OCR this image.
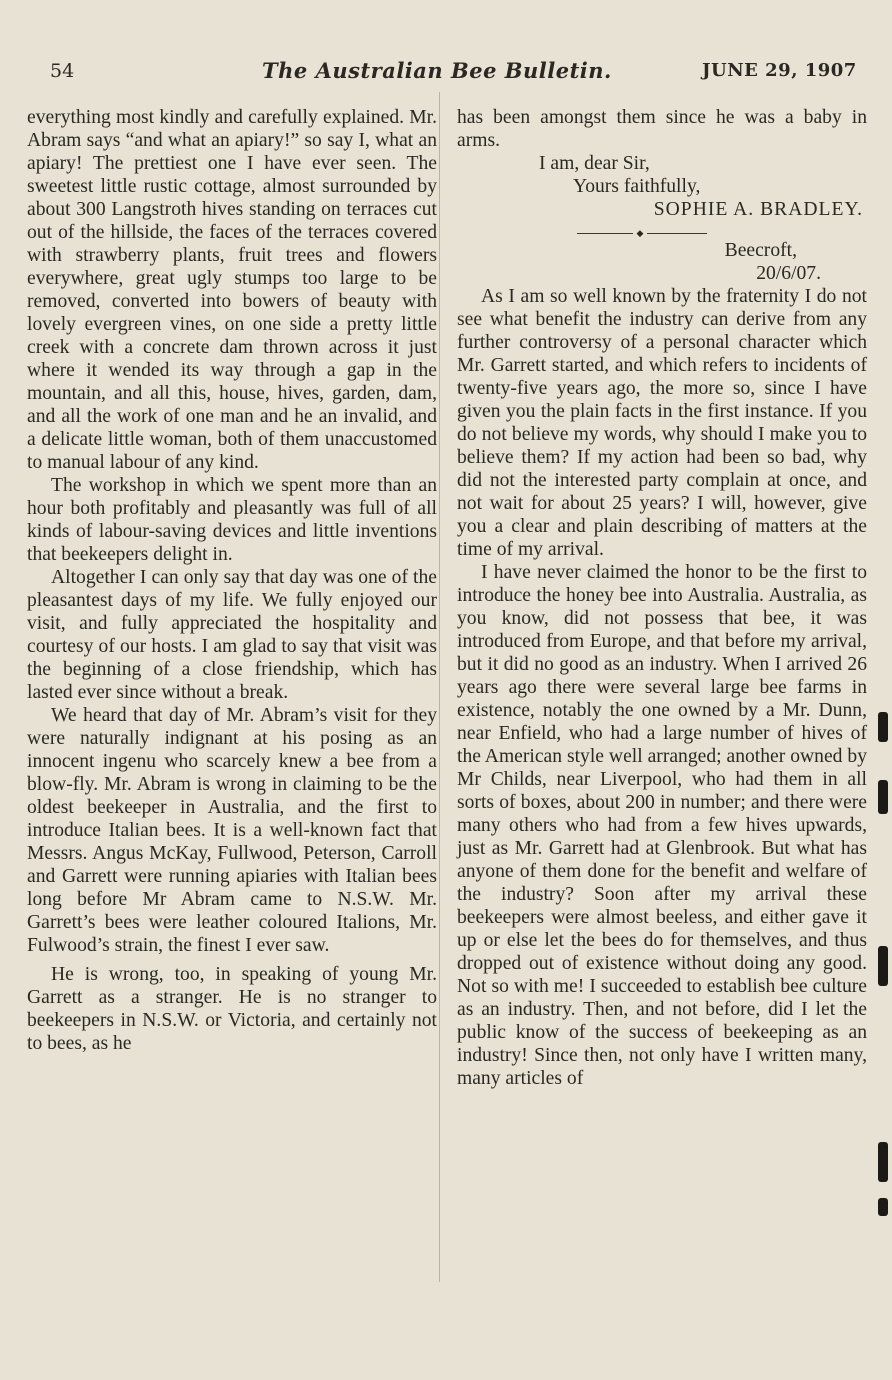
54	The Australian Bee Bulletin.	JUNE 29, 1907

everything most kindly and carefully explained. Mr. Abram says “and what an apiary!” so say I, what an apiary! The prettiest one I have ever seen. The sweetest little rustic cottage, almost surrounded by about 300 Langstroth hives standing on terraces cut out of the hillside, the faces of the terraces covered with strawberry plants, fruit trees and flowers everywhere, great ugly stumps too large to be removed, converted into bowers of beauty with lovely evergreen vines, on one side a pretty little creek with a concrete dam thrown across it just where it wended its way through a gap in the mountain, and all this, house, hives, garden, dam, and all the work of one man and he an invalid, and a delicate little woman, both of them unaccustomed to manual labour of any kind.

The workshop in which we spent more than an hour both profitably and pleasantly was full of all kinds of labour-saving devices and little inventions that beekeepers delight in.

Altogether I can only say that day was one of the pleasantest days of my life. We fully enjoyed our visit, and fully appreciated the hospitality and courtesy of our hosts. I am glad to say that visit was the beginning of a close friendship, which has lasted ever since without a break.

We heard that day of Mr. Abram’s visit for they were naturally indignant at his posing as an innocent ingenu who scarcely knew a bee from a blow-fly. Mr. Abram is wrong in claiming to be the oldest beekeeper in Australia, and the first to introduce Italian bees. It is a well-known fact that Messrs. Angus McKay, Fullwood, Peterson, Carroll and Garrett were running apiaries with Italian bees long before Mr Abram came to N.S.W. Mr. Garrett’s bees were leather coloured Italions, Mr. Fulwood’s strain, the finest I ever saw.

He is wrong, too, in speaking of young Mr. Garrett as a stranger. He is no stranger to beekeepers in N.S.W. or Victoria, and certainly not to bees, as he

has been amongst them since he was a baby in arms.

I am, dear Sir,

Yours faithfully,

SOPHIE A. BRADLEY.

◆

Beecroft,

20/6/07.

As I am so well known by the fraternity I do not see what benefit the industry can derive from any further controversy of a personal character which Mr. Garrett started, and which refers to incidents of twenty-five years ago, the more so, since I have given you the plain facts in the first instance. If you do not believe my words, why should I make you to believe them? If my action had been so bad, why did not the interested party complain at once, and not wait for about 25 years? I will, however, give you a clear and plain describing of matters at the time of my arrival.

I have never claimed the honor to be the first to introduce the honey bee into Australia. Australia, as you know, did not possess that bee, it was introduced from Europe, and that before my arrival, but it did no good as an industry. When I arrived 26 years ago there were several large bee farms in existence, notably the one owned by a Mr. Dunn, near Enfield, who had a large number of hives of the American style well arranged; another owned by Mr Childs, near Liverpool, who had them in all sorts of boxes, about 200 in number; and there were many others who had from a few hives upwards, just as Mr. Garrett had at Glenbrook. But what has anyone of them done for the benefit and welfare of the industry? Soon after my arrival these beekeepers were almost beeless, and either gave it up or else let the bees do for themselves, and thus dropped out of existence without doing any good. Not so with me! I succeeded to establish bee culture as an industry. Then, and not before, did I let the public know of the success of beekeeping as an industry! Since then, not only have I written many, many articles of
